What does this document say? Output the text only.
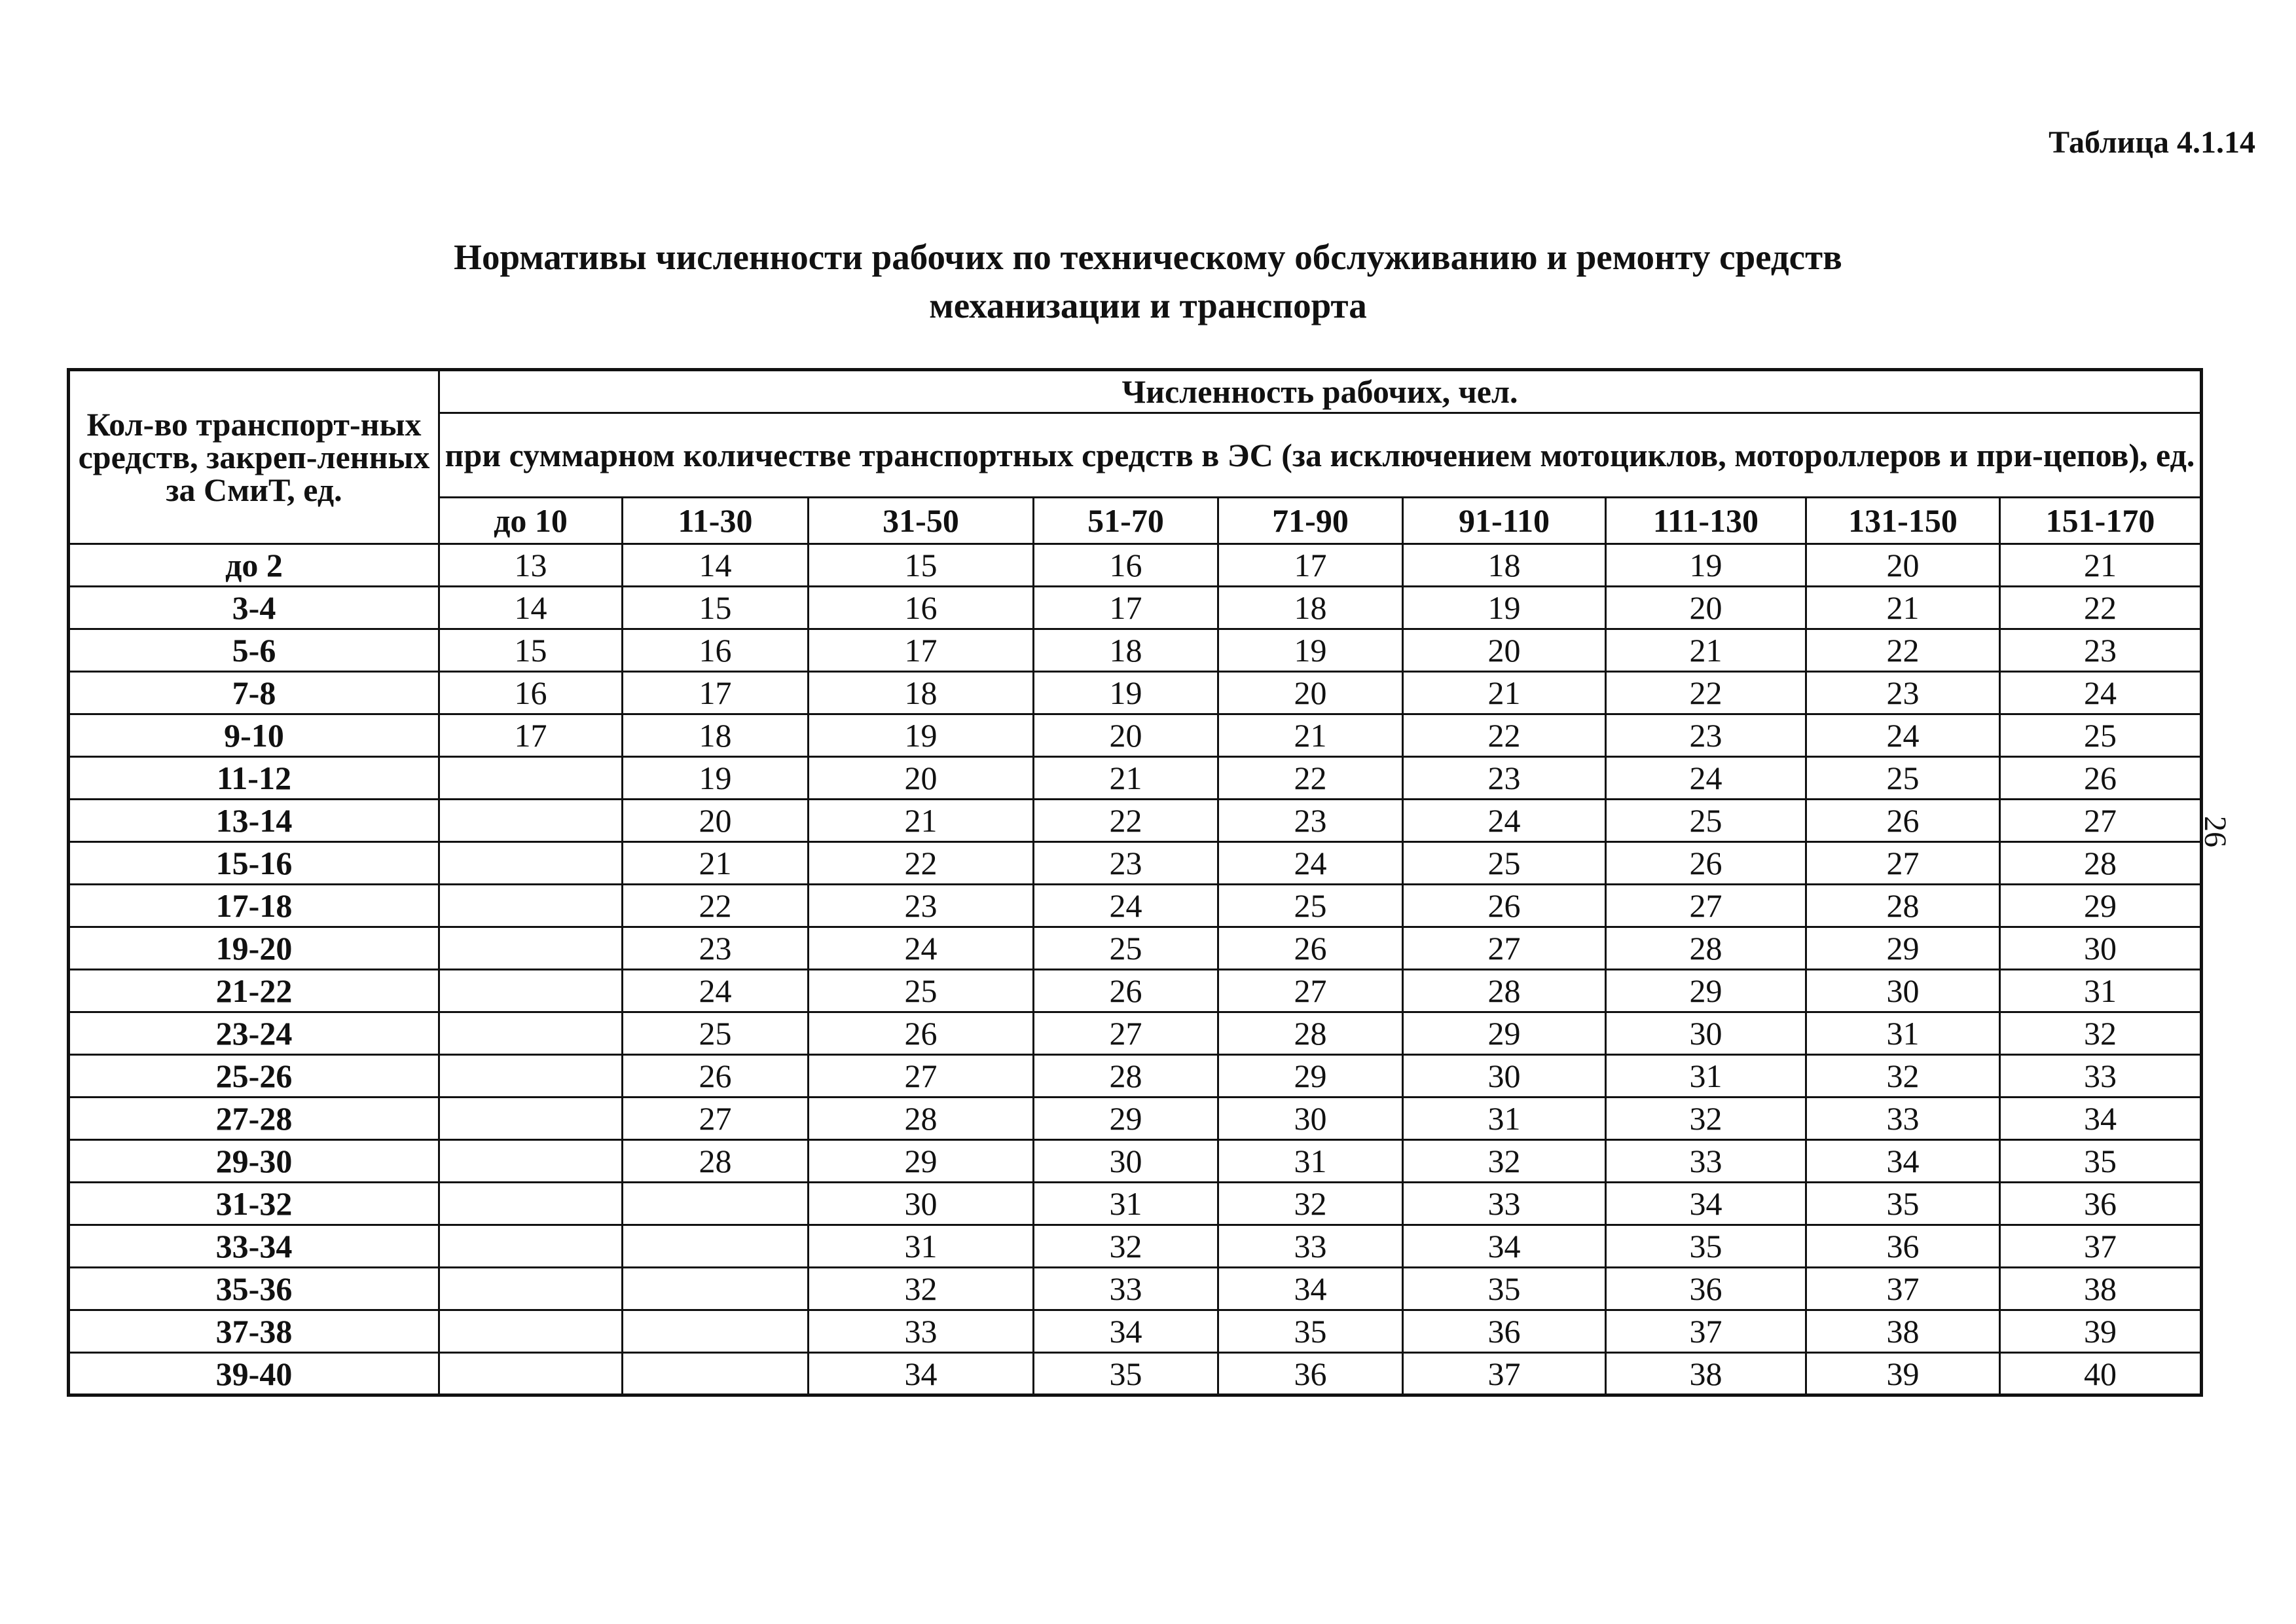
Таблица 4.1.14
Нормативы численности рабочих по техническому обслуживанию и ремонту средств
механизации и транспорта
26
Кол-во транспорт-ных средств, закреп-ленных за СмиТ, ед.	Численность рабочих, чел.								
	при суммарном количестве транспортных средств в ЭС (за исключением мотоциклов, мотороллеров и при-цепов), ед.								
	до 10	11-30	31-50	51-70	71-90	91-110	111-130	131-150	151-170
до 2	13	14	15	16	17	18	19	20	21
3-4	14	15	16	17	18	19	20	21	22
5-6	15	16	17	18	19	20	21	22	23
7-8	16	17	18	19	20	21	22	23	24
9-10	17	18	19	20	21	22	23	24	25
11-12		19	20	21	22	23	24	25	26
13-14		20	21	22	23	24	25	26	27
15-16		21	22	23	24	25	26	27	28
17-18		22	23	24	25	26	27	28	29
19-20		23	24	25	26	27	28	29	30
21-22		24	25	26	27	28	29	30	31
23-24		25	26	27	28	29	30	31	32
25-26		26	27	28	29	30	31	32	33
27-28		27	28	29	30	31	32	33	34
29-30		28	29	30	31	32	33	34	35
31-32			30	31	32	33	34	35	36
33-34			31	32	33	34	35	36	37
35-36			32	33	34	35	36	37	38
37-38			33	34	35	36	37	38	39
39-40			34	35	36	37	38	39	40
